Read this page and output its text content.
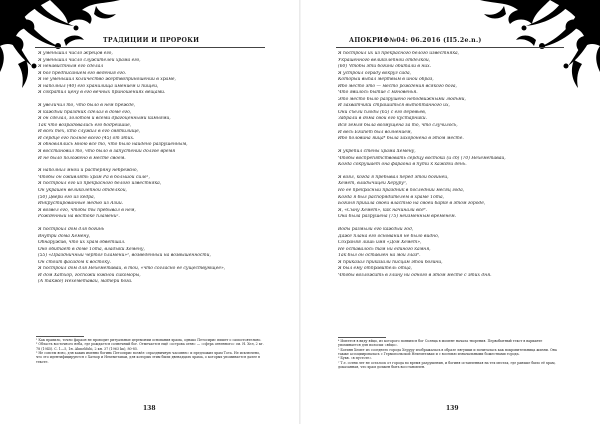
ТРАДИЦИИ И ПРОРОКИ
Я уменьшил число жрецов его,
Я уменьшил число служителей храма его,
Я ненавистным его сделал
Я бог предписанием его ведения его.
Я не уменьшил количество жертвоприношений в храме,
Я наполнил (40) его хранилища имением и пищей,
Я сократил цену в его вечных приношениях вещами.
Я увеличил то, что было в нём прежде,
Я каждый праздник сделал в доме его,
Я он сделал, золотом и всеми драгоценными камнями,
Так что возрадовались его бодрейшие,
И всех тех, кто служил в его святилище,
И сердце его полное всего (45) от этих.
Я обновлялись мною все то, что было найдено разрушенным,
Я восстановил то, что было в запустении долгое время
И не было положено в месте своём.
Я наполнил мной и растеряну небрежно,
Чтобы он оживлять храм Ра в большой силе¹,
Я построил его из прекрасного белого известняка,
Он украшен великолепной отделкой,
(50) Двери его из кедра,
Инкрустированные медью из Азии.
Я возвёл его, чтобы ты пребывал в нём,
Рождённый на востоке пламени².
Я построил дом для богинь
Внутри дома Хемену,
Обнаружив, что их храм обветшал.
Оно обитает в доме Тота, владыки Хемену,
(55) «Праздничный чертог пламени»³, возведённый на возвышенности,
Он стоит фасадом к востоку.
Я построил дом для Нехеметаваи, в той, «что согласно её существующее»,
И дом Хатхор, госпожи южной сикоморы,
(А также) Нехеметаваи, матери бога.

¹ Как правило, точно фараон не проводит ритуальные церемонии основания храма, однако Петосирис пишет о самостоятельно.

² Область восточного неба, где рождается солнечный бог. Отмечается ещё «острова огня» — «сфера огненного» см. Н. Хел, 2 кг. 78 (1945). C. 1—5, 1н. Ahmeldshi, 2 кн. 37 (1963 kn), 80-85.

³ Не совсем ясно, для каких именно богинь Петосирис возвёл «праздничную часовню» и предложил храм Тота. Не исключено, что это идентифицируются с Хатхор и Нехеметаваи, для которых этим были двенадцать храма, о которых упоминается далее в тексте.

138
АПОКРИФ№04: 06.2016 (II5.2e.n.)
Я построил их из прекрасного белого известняка,
Украшенного великолепной отделкой,
(60) Чтобы эти богини обитали в них.
Я устроил ограду вокруг сада,
Который выпал мёртвым в иной образ,
Ибо место это — место рождения всякого бога,
Что явилось бытие с мгновенья.
Это место было разрушено неподвижными людьми,
И захватчики страшиться вытоптанного их,
Они съели плоды (65) с его деревьев,
Забрали в дома свои его кустарники.
Вся земля была возмущена за то, что случилось,
И весь Египет был волнением,
Ибо половина яйца⁴ была захоронена в этом месте.
Я укрепил стены храма Хемену,
Чтобы воспрепятствовать сердцу востока (и сб) (70) Нехеметаваи,
Когда сокрушает она фараона в пути к каждой день.
Я взял, когда я пребывал перед этой богиней,
Хемет, владычицей Херуру⁵,
Но её прекрасный праздник в последний месяц года,
Когда я был распорядителем в храме Тота,
Богиня пришла своей властью на своей барке в этом городе,
Я, «Сыну Хемет», как начинали все⁶.
Она была разрушена (75) неизменным временем.
Воды размыли его каждый год,
Даже плана его основания не было видно,
Сохраняя лишь имя «Дом Хемет»,
Не оставалось там ни единого камня,
Так был он оставлен на мой глаз⁶.
Я приказал приказали писцам этой богини,
Я был ему отправитель отца,
Чтобы возложить в глину ни одного в этом месте с этих дня.

⁴ Имеется в виду яйцо, из которого появился бог Солнца в момент начала творения. Первобытный текст в варианте упоминается для полоски «яйцо».

⁵ Богиня Хемет из соседнего города Херуру изображалась в образе лягушки и почиталась как покровительница жизни. Она также ассоциировалась с Гермопольской Нехеметаваи и с восемью изначальными божествами города.

⁶ Букв. «в пустоте».

⁷ Т.е. сотни лет не осталось от города во время разрушения, и богиня оставленная на тех местах, где раньше было её храм, доказанная, что храм должен быть восстановлен.

139
